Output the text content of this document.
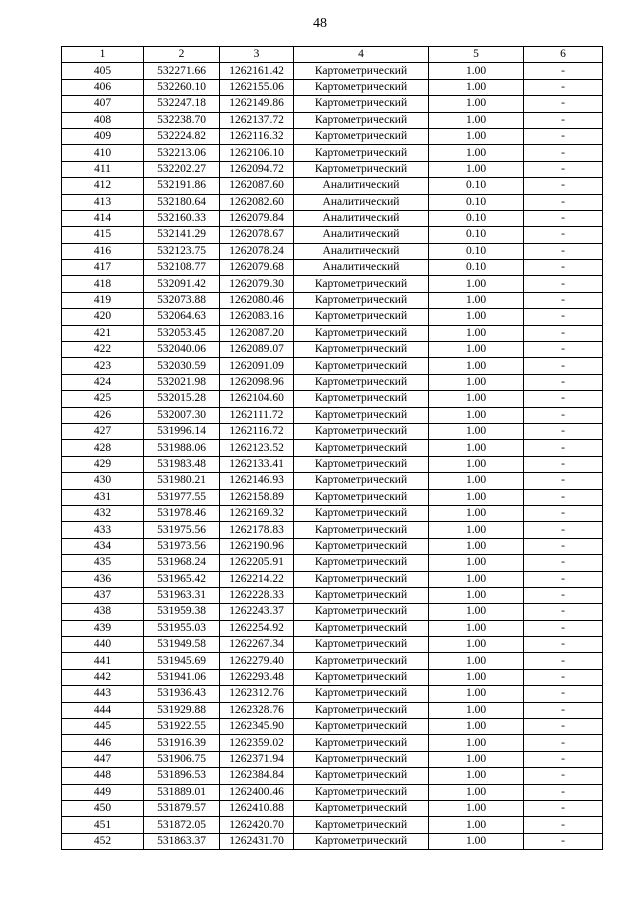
48
1	2	3	4	5	6
405	532271.66	1262161.42	Картометрический	1.00	-
406	532260.10	1262155.06	Картометрический	1.00	-
407	532247.18	1262149.86	Картометрический	1.00	-
408	532238.70	1262137.72	Картометрический	1.00	-
409	532224.82	1262116.32	Картометрический	1.00	-
410	532213.06	1262106.10	Картометрический	1.00	-
411	532202.27	1262094.72	Картометрический	1.00	-
412	532191.86	1262087.60	Аналитический	0.10	-
413	532180.64	1262082.60	Аналитический	0.10	-
414	532160.33	1262079.84	Аналитический	0.10	-
415	532141.29	1262078.67	Аналитический	0.10	-
416	532123.75	1262078.24	Аналитический	0.10	-
417	532108.77	1262079.68	Аналитический	0.10	-
418	532091.42	1262079.30	Картометрический	1.00	-
419	532073.88	1262080.46	Картометрический	1.00	-
420	532064.63	1262083.16	Картометрический	1.00	-
421	532053.45	1262087.20	Картометрический	1.00	-
422	532040.06	1262089.07	Картометрический	1.00	-
423	532030.59	1262091.09	Картометрический	1.00	-
424	532021.98	1262098.96	Картометрический	1.00	-
425	532015.28	1262104.60	Картометрический	1.00	-
426	532007.30	1262111.72	Картометрический	1.00	-
427	531996.14	1262116.72	Картометрический	1.00	-
428	531988.06	1262123.52	Картометрический	1.00	-
429	531983.48	1262133.41	Картометрический	1.00	-
430	531980.21	1262146.93	Картометрический	1.00	-
431	531977.55	1262158.89	Картометрический	1.00	-
432	531978.46	1262169.32	Картометрический	1.00	-
433	531975.56	1262178.83	Картометрический	1.00	-
434	531973.56	1262190.96	Картометрический	1.00	-
435	531968.24	1262205.91	Картометрический	1.00	-
436	531965.42	1262214.22	Картометрический	1.00	-
437	531963.31	1262228.33	Картометрический	1.00	-
438	531959.38	1262243.37	Картометрический	1.00	-
439	531955.03	1262254.92	Картометрический	1.00	-
440	531949.58	1262267.34	Картометрический	1.00	-
441	531945.69	1262279.40	Картометрический	1.00	-
442	531941.06	1262293.48	Картометрический	1.00	-
443	531936.43	1262312.76	Картометрический	1.00	-
444	531929.88	1262328.76	Картометрический	1.00	-
445	531922.55	1262345.90	Картометрический	1.00	-
446	531916.39	1262359.02	Картометрический	1.00	-
447	531906.75	1262371.94	Картометрический	1.00	-
448	531896.53	1262384.84	Картометрический	1.00	-
449	531889.01	1262400.46	Картометрический	1.00	-
450	531879.57	1262410.88	Картометрический	1.00	-
451	531872.05	1262420.70	Картометрический	1.00	-
452	531863.37	1262431.70	Картометрический	1.00	-
